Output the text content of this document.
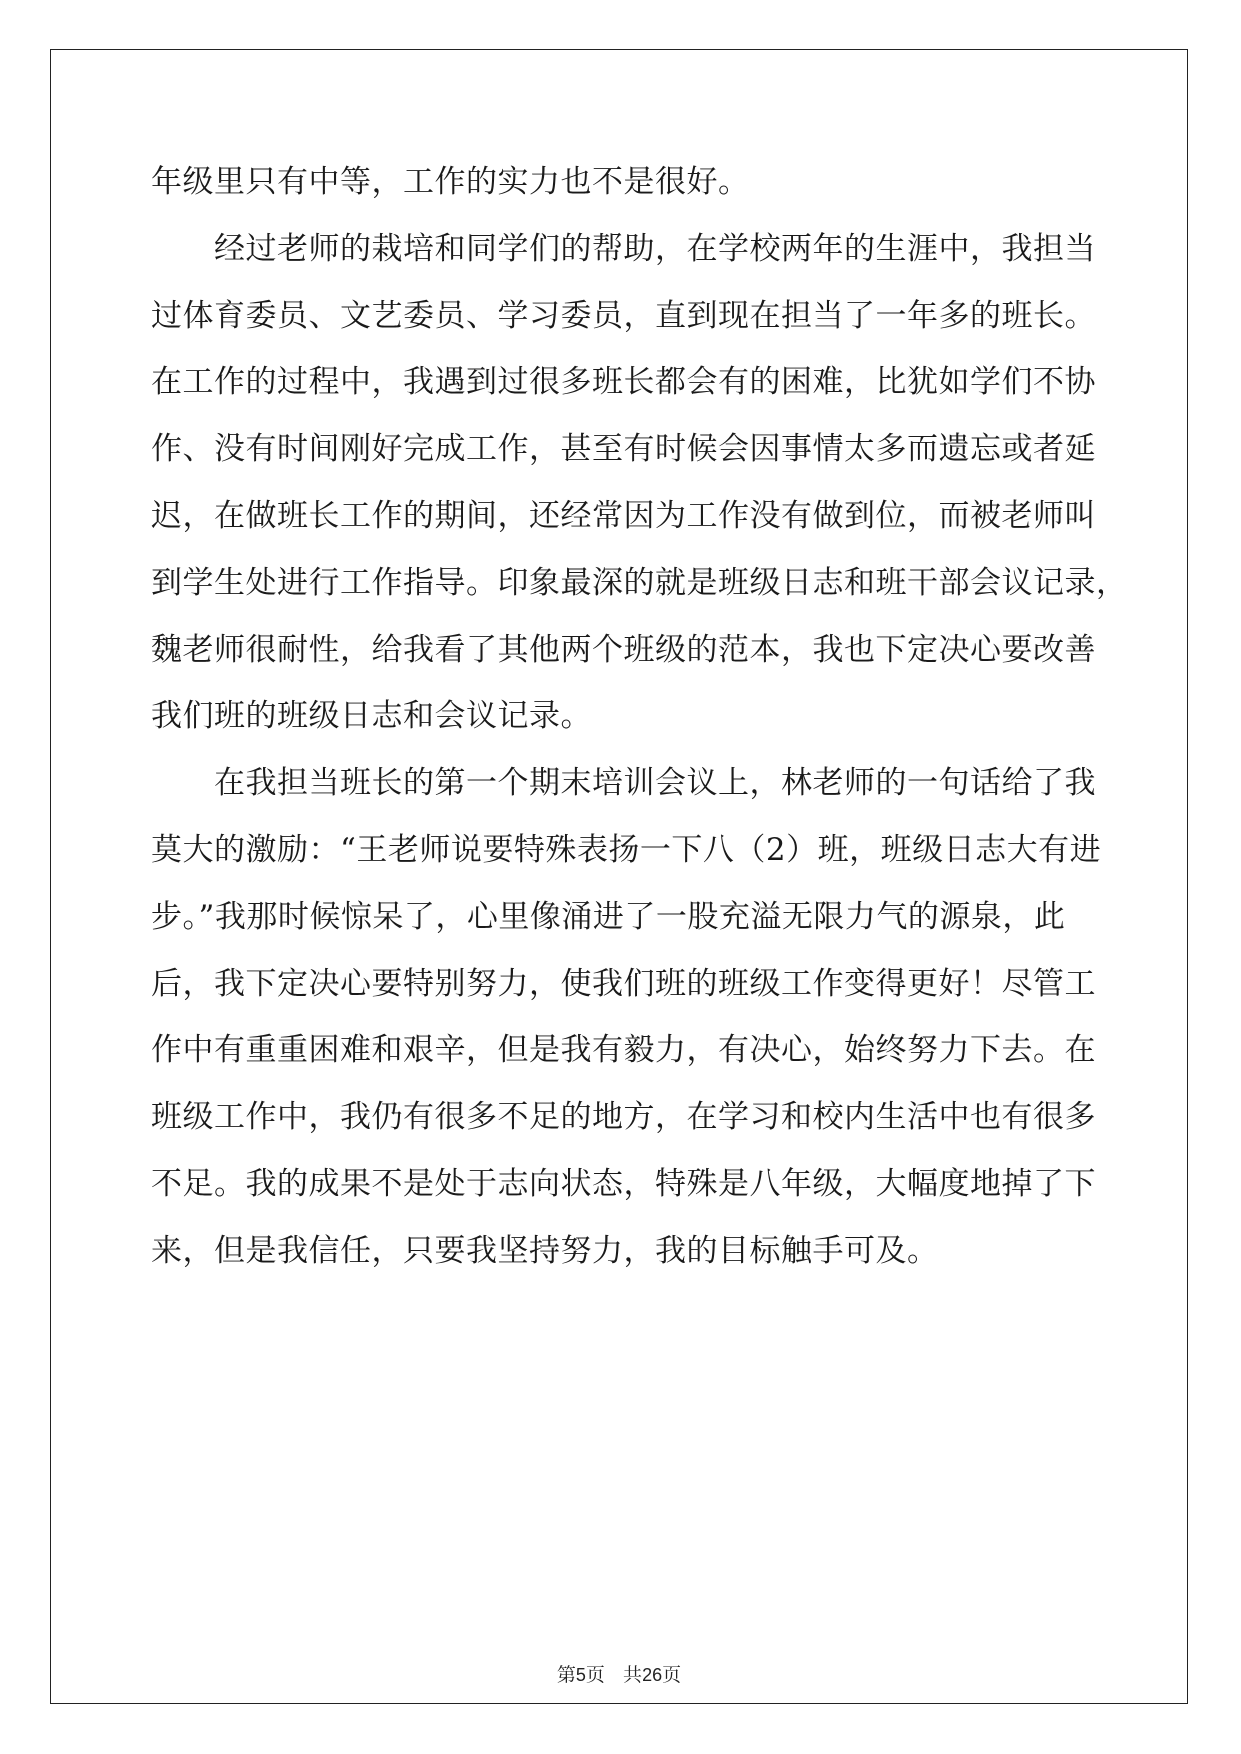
年级里只有中等，工作的实力也不是很好。
　　经过老师的栽培和同学们的帮助，在学校两年的生涯中，我担当
过体育委员、文艺委员、学习委员，直到现在担当了一年多的班长。
在工作的过程中，我遇到过很多班长都会有的困难，比犹如学们不协
作、没有时间刚好完成工作，甚至有时候会因事情太多而遗忘或者延
迟，在做班长工作的期间，还经常因为工作没有做到位，而被老师叫
到学生处进行工作指导。印象最深的就是班级日志和班干部会议记录，
魏老师很耐性，给我看了其他两个班级的范本，我也下定决心要改善
我们班的班级日志和会议记录。
　　在我担当班长的第一个期末培训会议上，林老师的一句话给了我
莫大的激励：“王老师说要特殊表扬一下八（2）班，班级日志大有进
步。”我那时候惊呆了，心里像涌进了一股充溢无限力气的源泉，此
后，我下定决心要特别努力，使我们班的班级工作变得更好！尽管工
作中有重重困难和艰辛，但是我有毅力，有决心，始终努力下去。在
班级工作中，我仍有很多不足的地方，在学习和校内生活中也有很多
不足。我的成果不是处于志向状态，特殊是八年级，大幅度地掉了下
来，但是我信任，只要我坚持努力，我的目标触手可及。
第5页 共26页
